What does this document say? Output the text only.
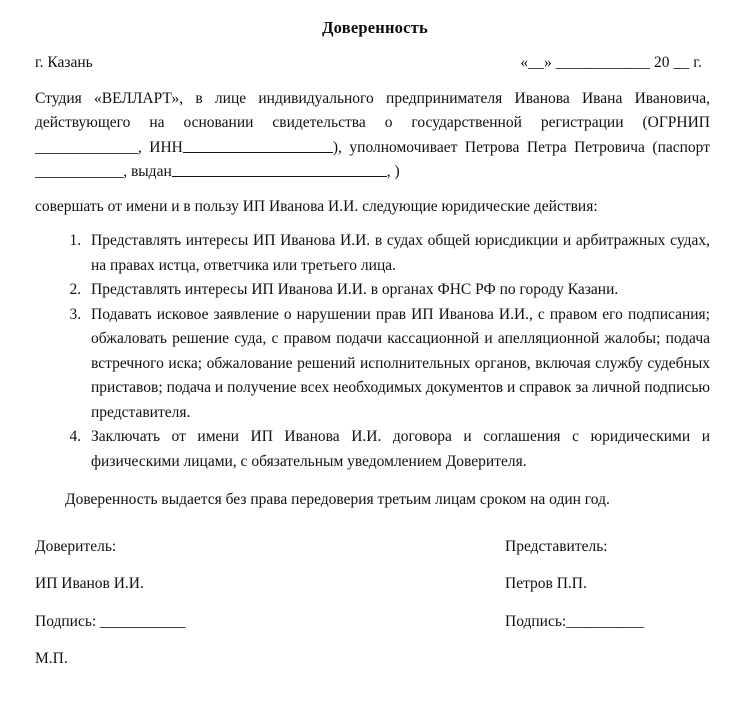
Доверенность
г. Казань	«__» ____________ 20 __ г.

Студия «ВЕЛЛАРТ», в лице индивидуального предпринимателя Иванова Ивана Ивановича, действующего на основании свидетельства о государственной регистрации (ОГРНИП ______________, ИНН	), уполномочивает Петрова Петра Петровича (паспорт ____________, выдан	, )

совершать от имени и в пользу ИП Иванова И.И. следующие юридические действия:

1. Представлять интересы ИП Иванова И.И. в судах общей юрисдикции и арбитражных судах, на правах истца, ответчика или третьего лица.
2. Представлять интересы ИП Иванова И.И. в органах ФНС РФ по городу Казани.
3. Подавать исковое заявление о нарушении прав ИП Иванова И.И., с правом его подписания; обжаловать решение суда, с правом подачи кассационной и апелляционной жалобы; подача встречного иска; обжалование решений исполнительных органов, включая службу судебных приставов; подача и получение всех необходимых документов и справок за личной подписью представителя.
4. Заключать от имени ИП Иванова И.И. договора и соглашения с юридическими и физическими лицами, с обязательным уведомлением Доверителя.

Доверенность выдается без права передоверия третьим лицам сроком на один год.

Доверитель:	Представитель:
ИП Иванов И.И.	Петров П.П.
Подпись: ___________	Подпись:__________
М.П.
